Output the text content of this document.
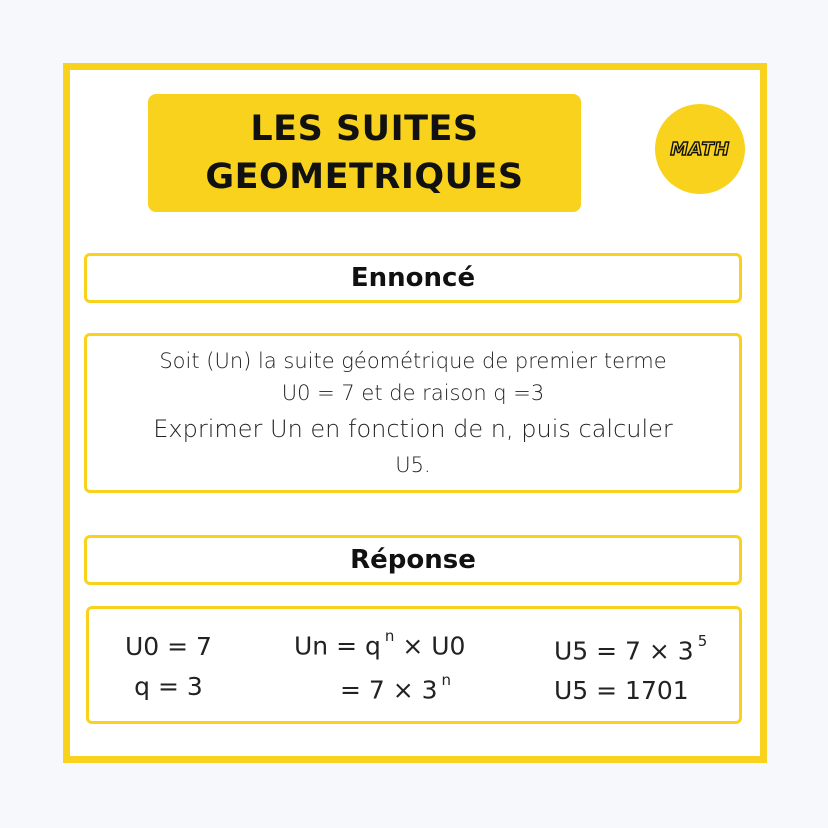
LES SUITES
GEOMETRIQUES
MATH
Ennoncé
Soit (Un) la suite géométrique de premier terme
U0 = 7 et de raison q =3
Exprimer Un en fonction de n, puis calculer
U5.
Réponse
U0 = 7
q = 3
Un = q $^n$ × U0
= 7 × 3 $^n$
U5 = 7 × 3 $^5$
U5 = 1701
